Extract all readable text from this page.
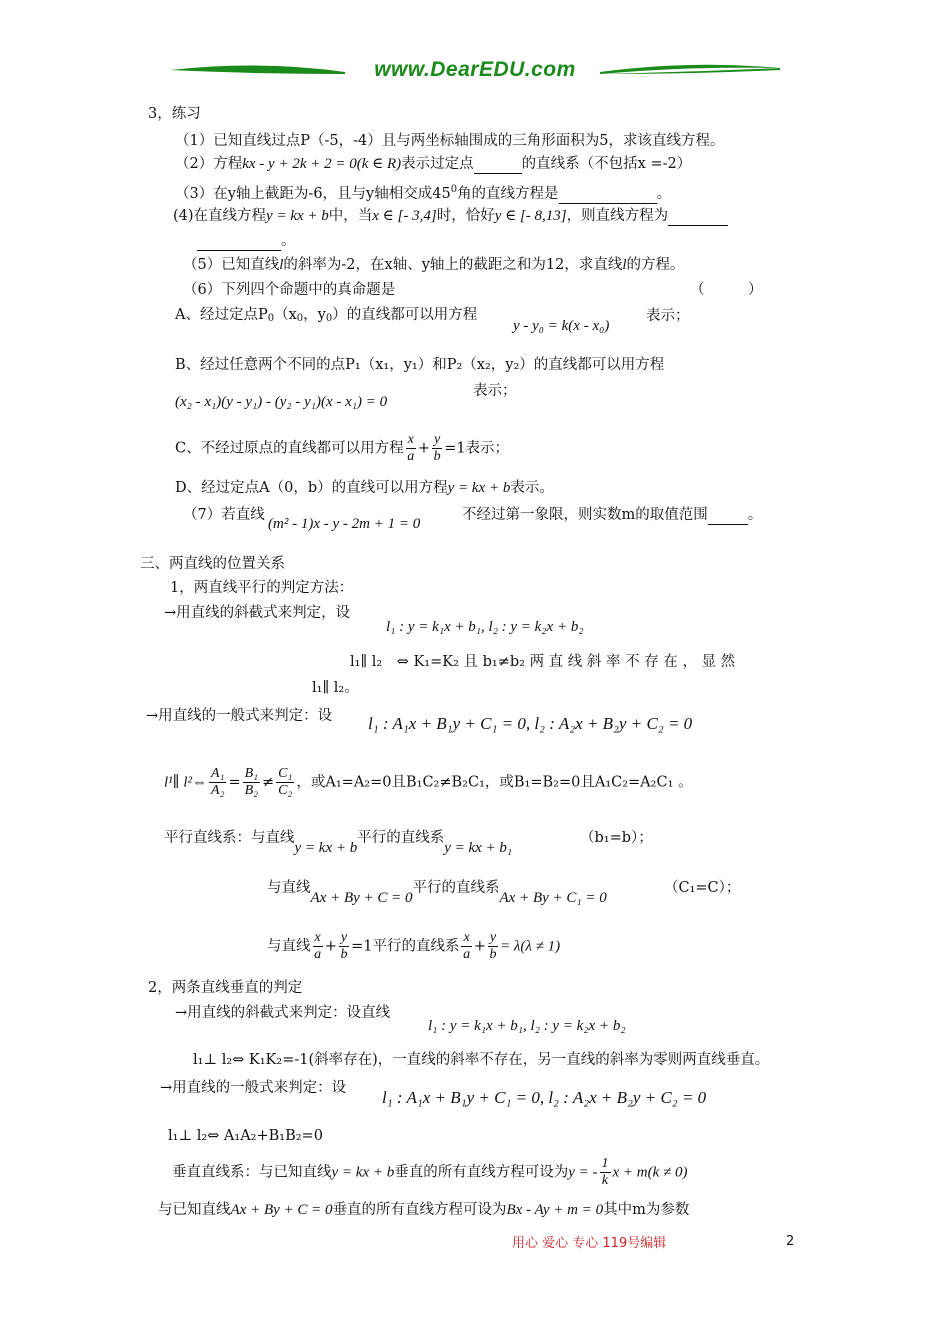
www.DearEDU.com
3，练习
（1）已知直线过点P（-5，-4）且与两坐标轴围成的三角形面积为5，求该直线方程。
（2）方程kx - y + 2k + 2 = 0(k ∈ R)表示过定点	的直线系（不包括x =-2）
（3）在y轴上截距为-6，且与y轴相交成$45^0$角的直线方程是	。
(4)在直线方程y = kx + b中，当x ∈ [- 3,4]时，恰好y ∈ [- 8,13]，则直线方程为
。
（5）已知直线l的斜率为-2，在x轴、y轴上的截距之和为12，求直线l的方程。
（6）下列四个命题中的真命题是	（　　　）
A、经过定点$P_0(x_0$，$y_0$）的直线都可以用方程
y - y₀ = k(x - x₀)
表示；
B、经过任意两个不同的点P₁（x₁，y₁）和P₂（x₂，y₂）的直线都可以用方程
(x₂ - x₁)(y - y₁) - (y₂ - y₁)(x - x₁) = 0
表示；
C、不经过原点的直线都可以用方程 $\frac{x}{a} + \frac{y}{b} =1$表示；
D、经过定点A（0，b）的直线可以用方程y = kx + b表示。
（7）若直线
(m² - 1)x - y - 2m + 1 = 0
不经过第一象限，则实数m的取值范围	。
三、两直线的位置关系
1，两直线平行的判定方法：
→用直线的斜截式来判定，设
l₁ : y = k₁x + b₁, l₂ : y = k₂x + b₂
l₁∥ l₂　⇔ K₁=K₂ 且 b₁≠b₂ 两 直 线 斜 率 不 存 在 ， 显 然
l₁∥ l₂。
→用直线的一般式来判定：设 l₁ : A₁x + B₁y + C₁ = 0, l₂ : A₂x + B₂y + C₂ = 0
l¹∥ l²⇔ $\frac{\text{A₁}}{\text{A₂}} = \frac{\text{B₁}}{\text{B₂}} \ne \frac{\text{C₁}}{\text{C₂}}$ ，或A₁=A₂=0且B₁C₂≠B₂C₁，或B₁=B₂=0且A₁C₂=A₂C₁ 。
平行直线系：与直线y = kx + b平行的直线系y = kx + b₁
（b₁=b）；
与直线Ax + By + C = 0平行的直线系Ax + By + C₁ = 0
（C₁=C）；
与直线 $\frac{x}{a} + \frac{y}{b} =1$平行的直线系 $\frac{x}{a} + \frac{y}{b} = \lambda(\lambda \ne 1)$
2，两条直线垂直的判定
→用直线的斜截式来判定：设直线
l₁ : y = k₁x + b₁, l₂ : y = k₂x + b₂
l₁⊥ l₂⇔ K₁K₂=-1(斜率存在)，一直线的斜率不存在，另一直线的斜率为零则两直线垂直。
→用直线的一般式来判定：设 l₁ : A₁x + B₁y + C₁ = 0, l₂ : A₂x + B₂y + C₂ = 0
l₁⊥ l₂⇔ A₁A₂+B₁B₂=0
垂直直线系：与已知直线y = kx + b垂直的所有直线方程可设为y = - $\frac{1}{k}$ x + m(k ≠ 0)
与已知直线Ax + By + C = 0垂直的所有直线方程可设为Bx - Ay + m = 0其中m为参数
用心 爱心 专心 119号编辑	2
